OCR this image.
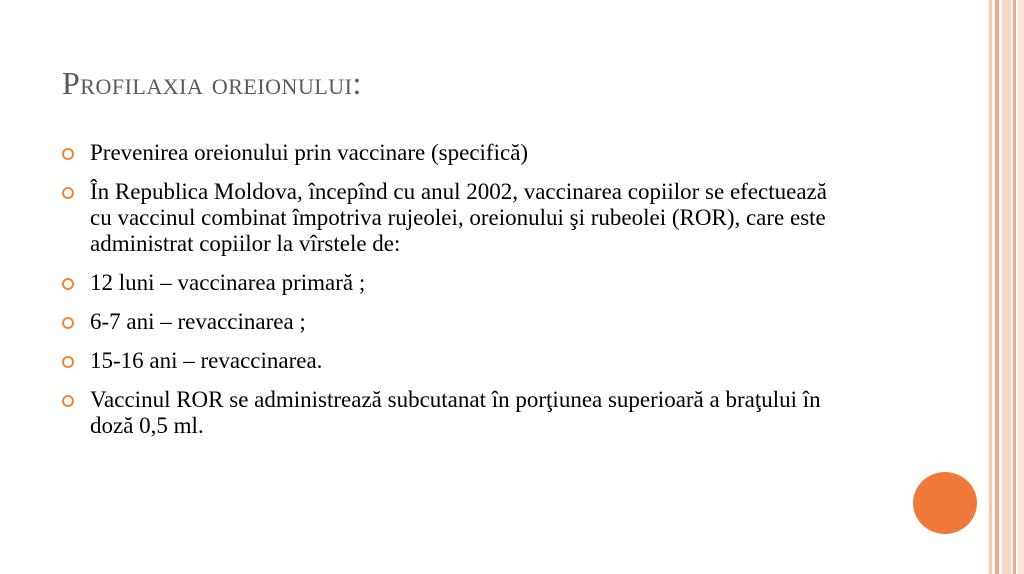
Profilaxia oreionului:
Prevenirea oreionului prin vaccinare (specifică)
În Republica Moldova, începînd cu anul 2002, vaccinarea copiilor se efectuează cu vaccinul combinat împotriva rujeolei, oreionului şi rubeolei (ROR), care este administrat copiilor la vîrstele de:
12 luni – vaccinarea primară ;
6-7 ani – revaccinarea ;
15-16 ani – revaccinarea.
Vaccinul ROR se administrează subcutanat în porţiunea superioară a braţului în doză 0,5 ml.
